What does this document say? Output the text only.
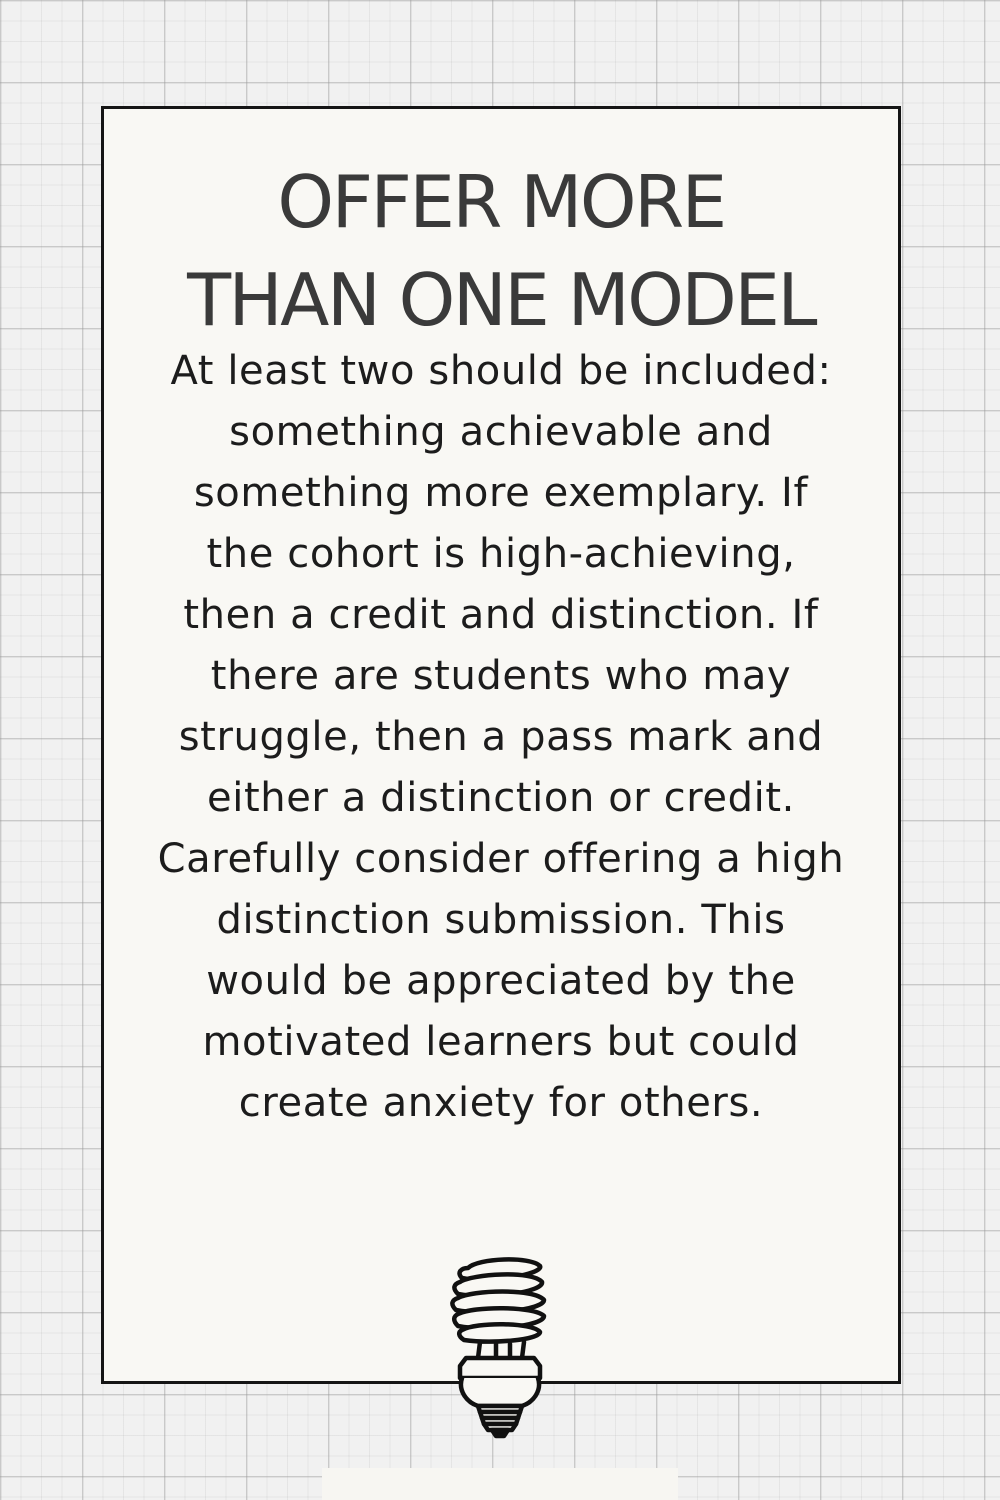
OFFER MORE
THAN ONE MODEL

At least two should be included: something achievable and something more exemplary. If the cohort is high-achieving, then a credit and distinction. If there are students who may struggle, then a pass mark and either a distinction or credit. Carefully consider offering a high distinction submission. This would be appreciated by the motivated learners but could create anxiety for others.
